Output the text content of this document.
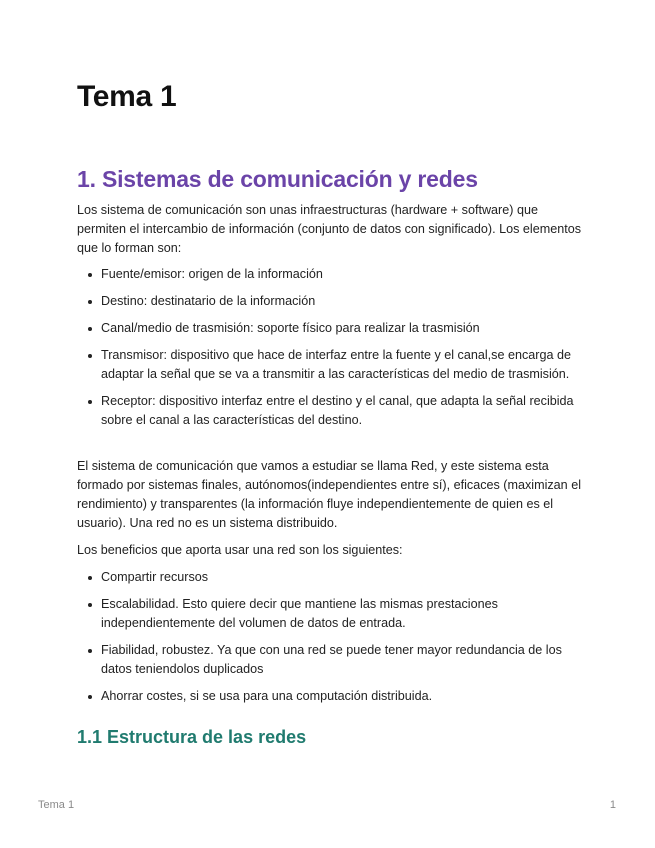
Tema 1
1. Sistemas de comunicación y redes

Los sistema de comunicación son unas infraestructuras (hardware + software) que permiten el intercambio de información (conjunto de datos con significado). Los elementos que lo forman son:

Fuente/emisor: origen de la información
Destino: destinatario de la información
Canal/medio de trasmisión: soporte físico para realizar la trasmisión
Transmisor: dispositivo que hace de interfaz entre la fuente y el canal,se encarga de adaptar la señal que se va a transmitir a las características del medio de trasmisión.
Receptor: dispositivo interfaz entre el destino y el canal, que adapta la señal recibida sobre el canal a las características del destino.

El sistema de comunicación que vamos a estudiar se llama Red, y este sistema esta formado por sistemas finales, autónomos(independientes entre sí), eficaces (maximizan el rendimiento) y transparentes (la información fluye independientemente de quien es el usuario). Una red no es un sistema distribuido.

Los beneficios que aporta usar una red son los siguientes:

Compartir recursos
Escalabilidad. Esto quiere decir que mantiene las mismas prestaciones independientemente del volumen de datos de entrada.
Fiabilidad, robustez. Ya que con una red se puede tener mayor redundancia de los datos teniendolos duplicados
Ahorrar costes, si se usa para una computación distribuida.
1.1 Estructura de las redes
Tema 1	1
